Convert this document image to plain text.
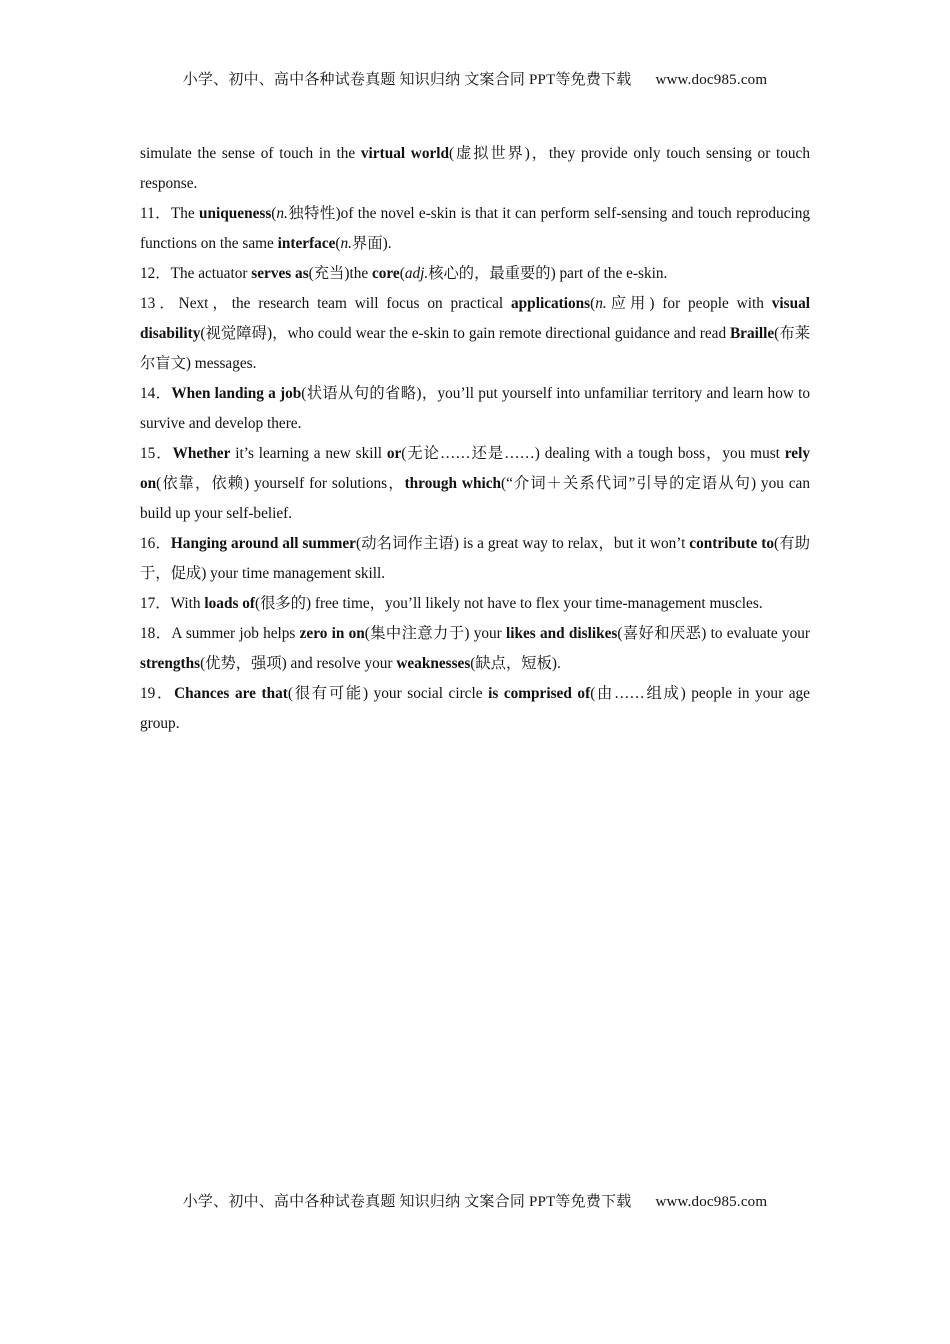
小学、初中、高中各种试卷真题 知识归纳 文案合同 PPT等免费下载 www.doc985.com

simulate the sense of touch in the virtual world(虚拟世界)，they provide only touch sensing or touch response.

11．The uniqueness(n.独特性)of the novel e-skin is that it can perform self-sensing and touch reproducing functions on the same interface(n.界面).

12．The actuator serves as(充当)the core(adj.核心的，最重要的) part of the e-skin.

13．Next，the research team will focus on practical applications(n.应用) for people with visual disability(视觉障碍)，who could wear the e-skin to gain remote directional guidance and read Braille(布莱尔盲文) messages.

14．When landing a job(状语从句的省略)，you’ll put yourself into unfamiliar territory and learn how to survive and develop there.

15．Whether it’s learning a new skill or(无论……还是……) dealing with a tough boss，you must rely on(依靠，依赖) yourself for solutions，through which(“介词＋关系代词”引导的定语从句) you can build up your self-belief.

16．Hanging around all summer(动名词作主语) is a great way to relax，but it won’t contribute to(有助于，促成) your time management skill.

17．With loads of(很多的) free time，you’ll likely not have to flex your time-management muscles.

18．A summer job helps zero in on(集中注意力于) your likes and dislikes(喜好和厌恶) to evaluate your strengths(优势，强项) and resolve your weaknesses(缺点，短板).

19．Chances are that(很有可能) your social circle is comprised of(由……组成) people in your age group.

小学、初中、高中各种试卷真题 知识归纳 文案合同 PPT等免费下载 www.doc985.com
